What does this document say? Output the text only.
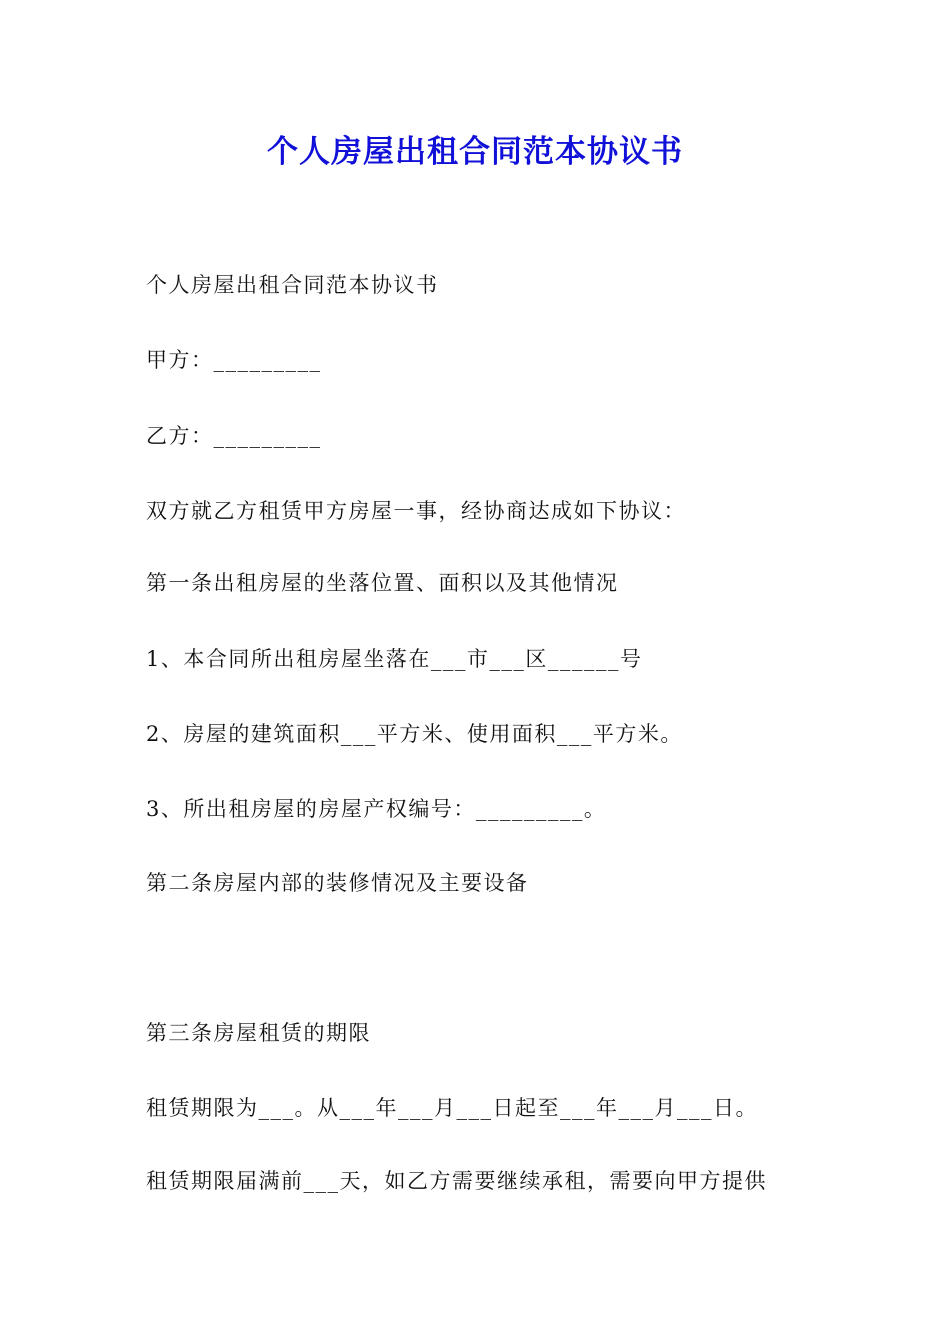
个人房屋出租合同范本协议书
个人房屋出租合同范本协议书
甲方：_________
乙方：_________
双方就乙方租赁甲方房屋一事，经协商达成如下协议：
第一条出租房屋的坐落位置、面积以及其他情况
1、本合同所出租房屋坐落在___市___区______号
2、房屋的建筑面积___平方米、使用面积___平方米。
3、所出租房屋的房屋产权编号：_________。
第二条房屋内部的装修情况及主要设备
第三条房屋租赁的期限
租赁期限为___。从___年___月___日起至___年___月___日。
租赁期限届满前___天，如乙方需要继续承租，需要向甲方提供
